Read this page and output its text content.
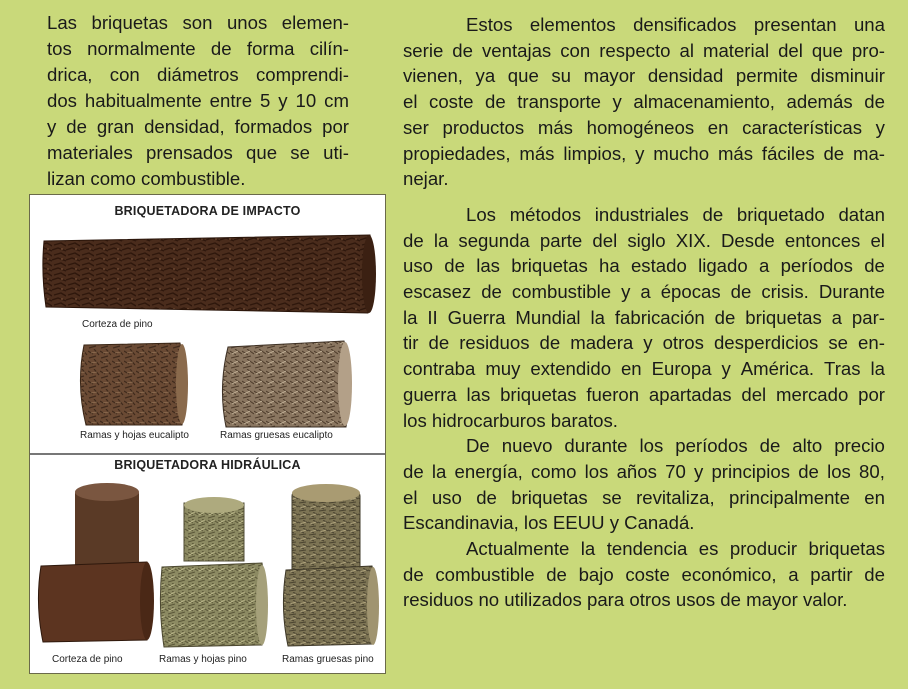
Las briquetas son unos elemen-
tos normalmente de forma cilín-
drica, con diámetros comprendi-
dos habitualmente entre 5 y 10 cm
y de gran densidad, formados por
materiales prensados que se uti-
lizan como combustible.
Estos elementos densificados presentan una
serie de ventajas con respecto al material del que pro-
vienen, ya que su mayor densidad permite disminuir
el coste de transporte y almacenamiento, además de
ser productos más homogéneos en características y
propiedades, más limpios, y mucho más fáciles de ma-
nejar.
Los métodos industriales de briquetado datan
de la segunda parte del siglo XIX. Desde entonces el
uso de las briquetas ha estado ligado a períodos de
escasez de combustible y a épocas de crisis. Durante
la II Guerra Mundial la fabricación de briquetas a par-
tir de residuos de madera y otros desperdicios se en-
contraba muy extendido en Europa y América. Tras la
guerra las briquetas fueron apartadas del mercado por
los hidrocarburos baratos.
De nuevo durante los períodos de alto precio
de la energía, como los años 70 y principios de los 80,
el uso de briquetas se revitaliza, principalmente en
Escandinavia, los EEUU y Canadá.
Actualmente la tendencia es producir briquetas
de combustible de bajo coste económico, a partir de
residuos no utilizados para otros usos de mayor valor.
BRIQUETADORA DE IMPACTO
Corteza de pino
Ramas y hojas eucalipto	Ramas gruesas eucalipto
BRIQUETADORA HIDRÁULICA
Corteza de pino	Ramas y hojas pino	Ramas gruesas pino
